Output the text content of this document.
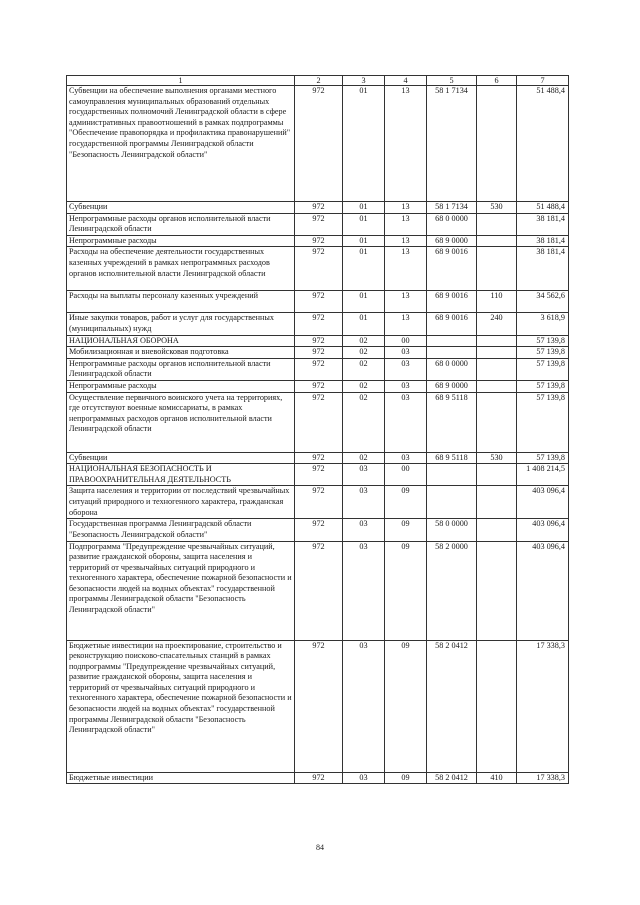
1	2	3	4	5	6	7
Субвенции на обеспечение выполнения органами местного самоуправления муниципальных образований отдельных государственных полномочий Ленинградской области в сфере административных правоотношений в рамках подпрограммы "Обеспечение правопорядка и профилактика правонарушений" государственной программы Ленинградской области "Безопасность Ленинградской области"	972	01	13	58 1 7134		51 488,4
Субвенции	972	01	13	58 1 7134	530	51 488,4
Непрограммные расходы органов исполнительной власти Ленинградской области	972	01	13	68 0 0000		38 181,4
Непрограммные расходы	972	01	13	68 9 0000		38 181,4
Расходы на обеспечение деятельности государственных казенных учреждений в рамках непрограммных расходов органов исполнительной власти Ленинградской области	972	01	13	68 9 0016		38 181,4
Расходы на выплаты персоналу казенных учреждений	972	01	13	68 9 0016	110	34 562,6
Иные закупки товаров, работ и услуг для государственных (муниципальных) нужд	972	01	13	68 9 0016	240	3 618,9
НАЦИОНАЛЬНАЯ ОБОРОНА	972	02	00			57 139,8
Мобилизационная и вневойсковая подготовка	972	02	03			57 139,8
Непрограммные расходы органов исполнительной власти Ленинградской области	972	02	03	68 0 0000		57 139,8
Непрограммные расходы	972	02	03	68 9 0000		57 139,8
Осуществление первичного воинского учета на территориях, где отсутствуют военные комиссариаты, в рамках непрограммных расходов органов исполнительной власти Ленинградской области	972	02	03	68 9 5118		57 139,8
Субвенции	972	02	03	68 9 5118	530	57 139,8
НАЦИОНАЛЬНАЯ БЕЗОПАСНОСТЬ И ПРАВООХРАНИТЕЛЬНАЯ ДЕЯТЕЛЬНОСТЬ	972	03	00			1 408 214,5
Защита населения и территории от последствий чрезвычайных ситуаций природного и техногенного характера, гражданская оборона	972	03	09			403 096,4
Государственная программа Ленинградской области "Безопасность Ленинградской области"	972	03	09	58 0 0000		403 096,4
Подпрограмма "Предупреждение чрезвычайных ситуаций, развитие гражданской обороны, защита населения и территорий от чрезвычайных ситуаций природного и техногенного характера, обеспечение пожарной безопасности и безопасности людей на водных объектах" государственной программы Ленинградской области "Безопасность Ленинградской области"	972	03	09	58 2 0000		403 096,4
Бюджетные инвестиции на проектирование, строительство и реконструкцию поисково-спасательных станций в рамках подпрограммы "Предупреждение чрезвычайных ситуаций, развитие гражданской обороны, защита населения и территорий от чрезвычайных ситуаций природного и техногенного характера, обеспечение пожарной безопасности и безопасности людей на водных объектах" государственной программы Ленинградской области "Безопасность Ленинградской области"	972	03	09	58 2 0412		17 338,3
Бюджетные инвестиции	972	03	09	58 2 0412	410	17 338,3
84
